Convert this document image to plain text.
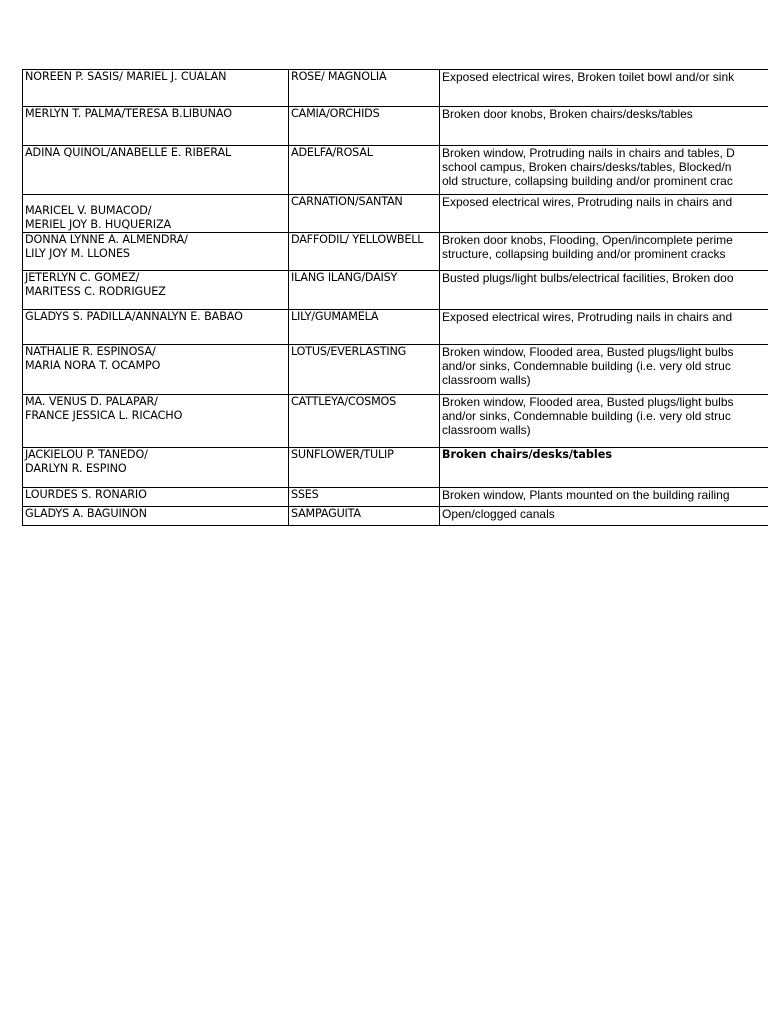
NOREEN P. SASIS/ MARIEL J. CUALAN	ROSE/ MAGNOLIA	Exposed electrical wires, Broken toilet bowl and/or sink

MERLYN T. PALMA/TERESA B.LIBUNAO	CAMIA/ORCHIDS	Broken door knobs, Broken chairs/desks/tables

ADINA QUINOL/ANABELLE E. RIBERAL	ADELFA/ROSAL	Broken window, Protruding nails in chairs and tables, D
school campus, Broken chairs/desks/tables, Blocked/n
old structure, collapsing building and/or prominent crac

MARICEL V. BUMACOD/
MERIEL JOY B. HUQUERIZA	CARNATION/SANTAN	Exposed electrical wires, Protruding nails in chairs and

DONNA LYNNE A. ALMENDRA/
LILY JOY M. LLONES	DAFFODIL/ YELLOWBELL	Broken door knobs, Flooding, Open/incomplete perime
structure, collapsing building and/or prominent cracks

JETERLYN C. GOMEZ/
MARITESS C. RODRIGUEZ	ILANG ILANG/DAISY	Busted plugs/light bulbs/electrical facilities, Broken doo

GLADYS S. PADILLA/ANNALYN E. BABAO	LILY/GUMAMELA	Exposed electrical wires, Protruding nails in chairs and

NATHALIE R. ESPINOSA/
MARIA NORA T. OCAMPO	LOTUS/EVERLASTING	Broken window, Flooded area, Busted plugs/light bulbs
and/or sinks, Condemnable building (i.e. very old struc
classroom walls)

MA. VENUS D. PALAPAR/
FRANCE JESSICA L. RICACHO	CATTLEYA/COSMOS	Broken window, Flooded area, Busted plugs/light bulbs
and/or sinks, Condemnable building (i.e. very old struc
classroom walls)

JACKIELOU P. TANEDO/
DARLYN R. ESPINO	SUNFLOWER/TULIP	Broken chairs/desks/tables

LOURDES S. RONARIO	SSES	Broken window, Plants mounted on the building railing

GLADYS A. BAGUINON	SAMPAGUITA	Open/clogged canals
